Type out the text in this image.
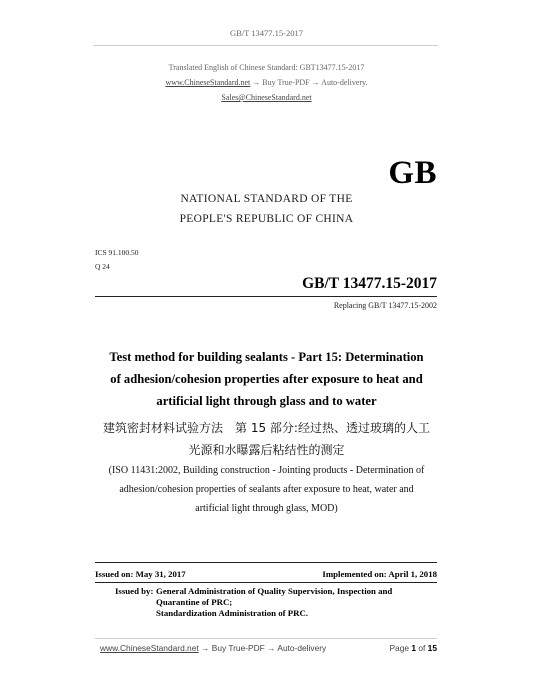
GB/T 13477.15-2017
Translated English of Chinese Standard: GBT13477.15-2017
www.ChineseStandard.net → Buy True-PDF → Auto-delivery.
Sales@ChineseStandard.net
GB
NATIONAL STANDARD OF THE
PEOPLE'S REPUBLIC OF CHINA
ICS 91.100.50
Q 24
GB/T 13477.15-2017
Replacing GB/T 13477.15-2002
Test method for building sealants - Part 15: Determination
of adhesion/cohesion properties after exposure to heat and
artificial light through glass and to water
建筑密封材料试验方法　第 15 部分:经过热、透过玻璃的人工
光源和水曝露后粘结性的测定
(ISO 11431:2002, Building construction - Jointing products - Determination of
adhesion/cohesion properties of sealants after exposure to heat, water and
artificial light through glass, MOD)
Issued on: May 31, 2017	Implemented on: April 1, 2018
Issued by: General Administration of Quality Supervision, Inspection and
Quarantine of PRC;
Standardization Administration of PRC.
www.ChineseStandard.net → Buy True-PDF → Auto-delivery	Page 1 of 15
